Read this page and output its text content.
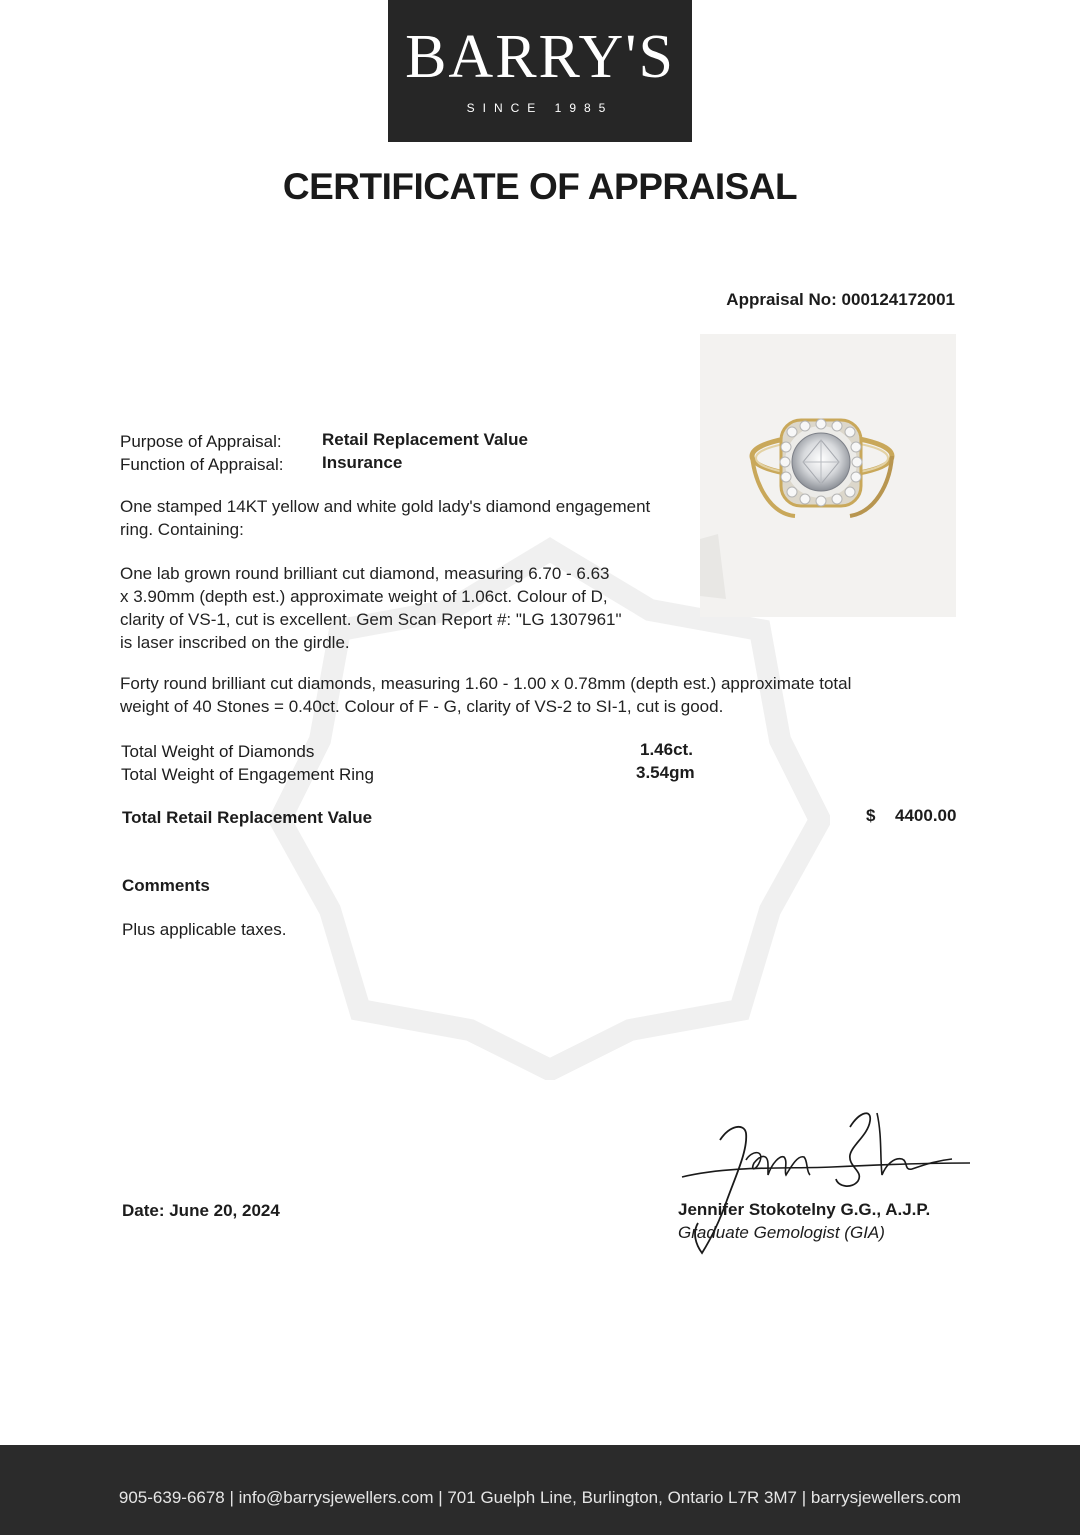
BARRY'S
SINCE 1985
CERTIFICATE OF APPRAISAL
Appraisal No: 000124172001
Purpose of Appraisal: Retail Replacement Value
Function of Appraisal: Insurance
One stamped 14KT yellow and white gold lady's diamond engagement
ring. Containing:
One lab grown round brilliant cut diamond, measuring 6.70 - 6.63
x 3.90mm (depth est.) approximate weight of 1.06ct. Colour of D,
clarity of VS-1, cut is excellent. Gem Scan Report #: "LG 1307961"
is laser inscribed on the girdle.
Forty round brilliant cut diamonds, measuring 1.60 - 1.00 x 0.78mm (depth est.) approximate total
weight of 40 Stones = 0.40ct. Colour of F - G, clarity of VS-2 to SI-1, cut is good.
Total Weight of Diamonds	1.46ct.
Total Weight of Engagement Ring	3.54gm
Total Retail Replacement Value	$ 4400.00
Comments
Plus applicable taxes.
Date: June 20, 2024	Jennifer Stokotelny G.G., A.J.P.
Graduate Gemologist (GIA)
905-639-6678 | info@barrysjewellers.com | 701 Guelph Line, Burlington, Ontario L7R 3M7 | barrysjewellers.com
